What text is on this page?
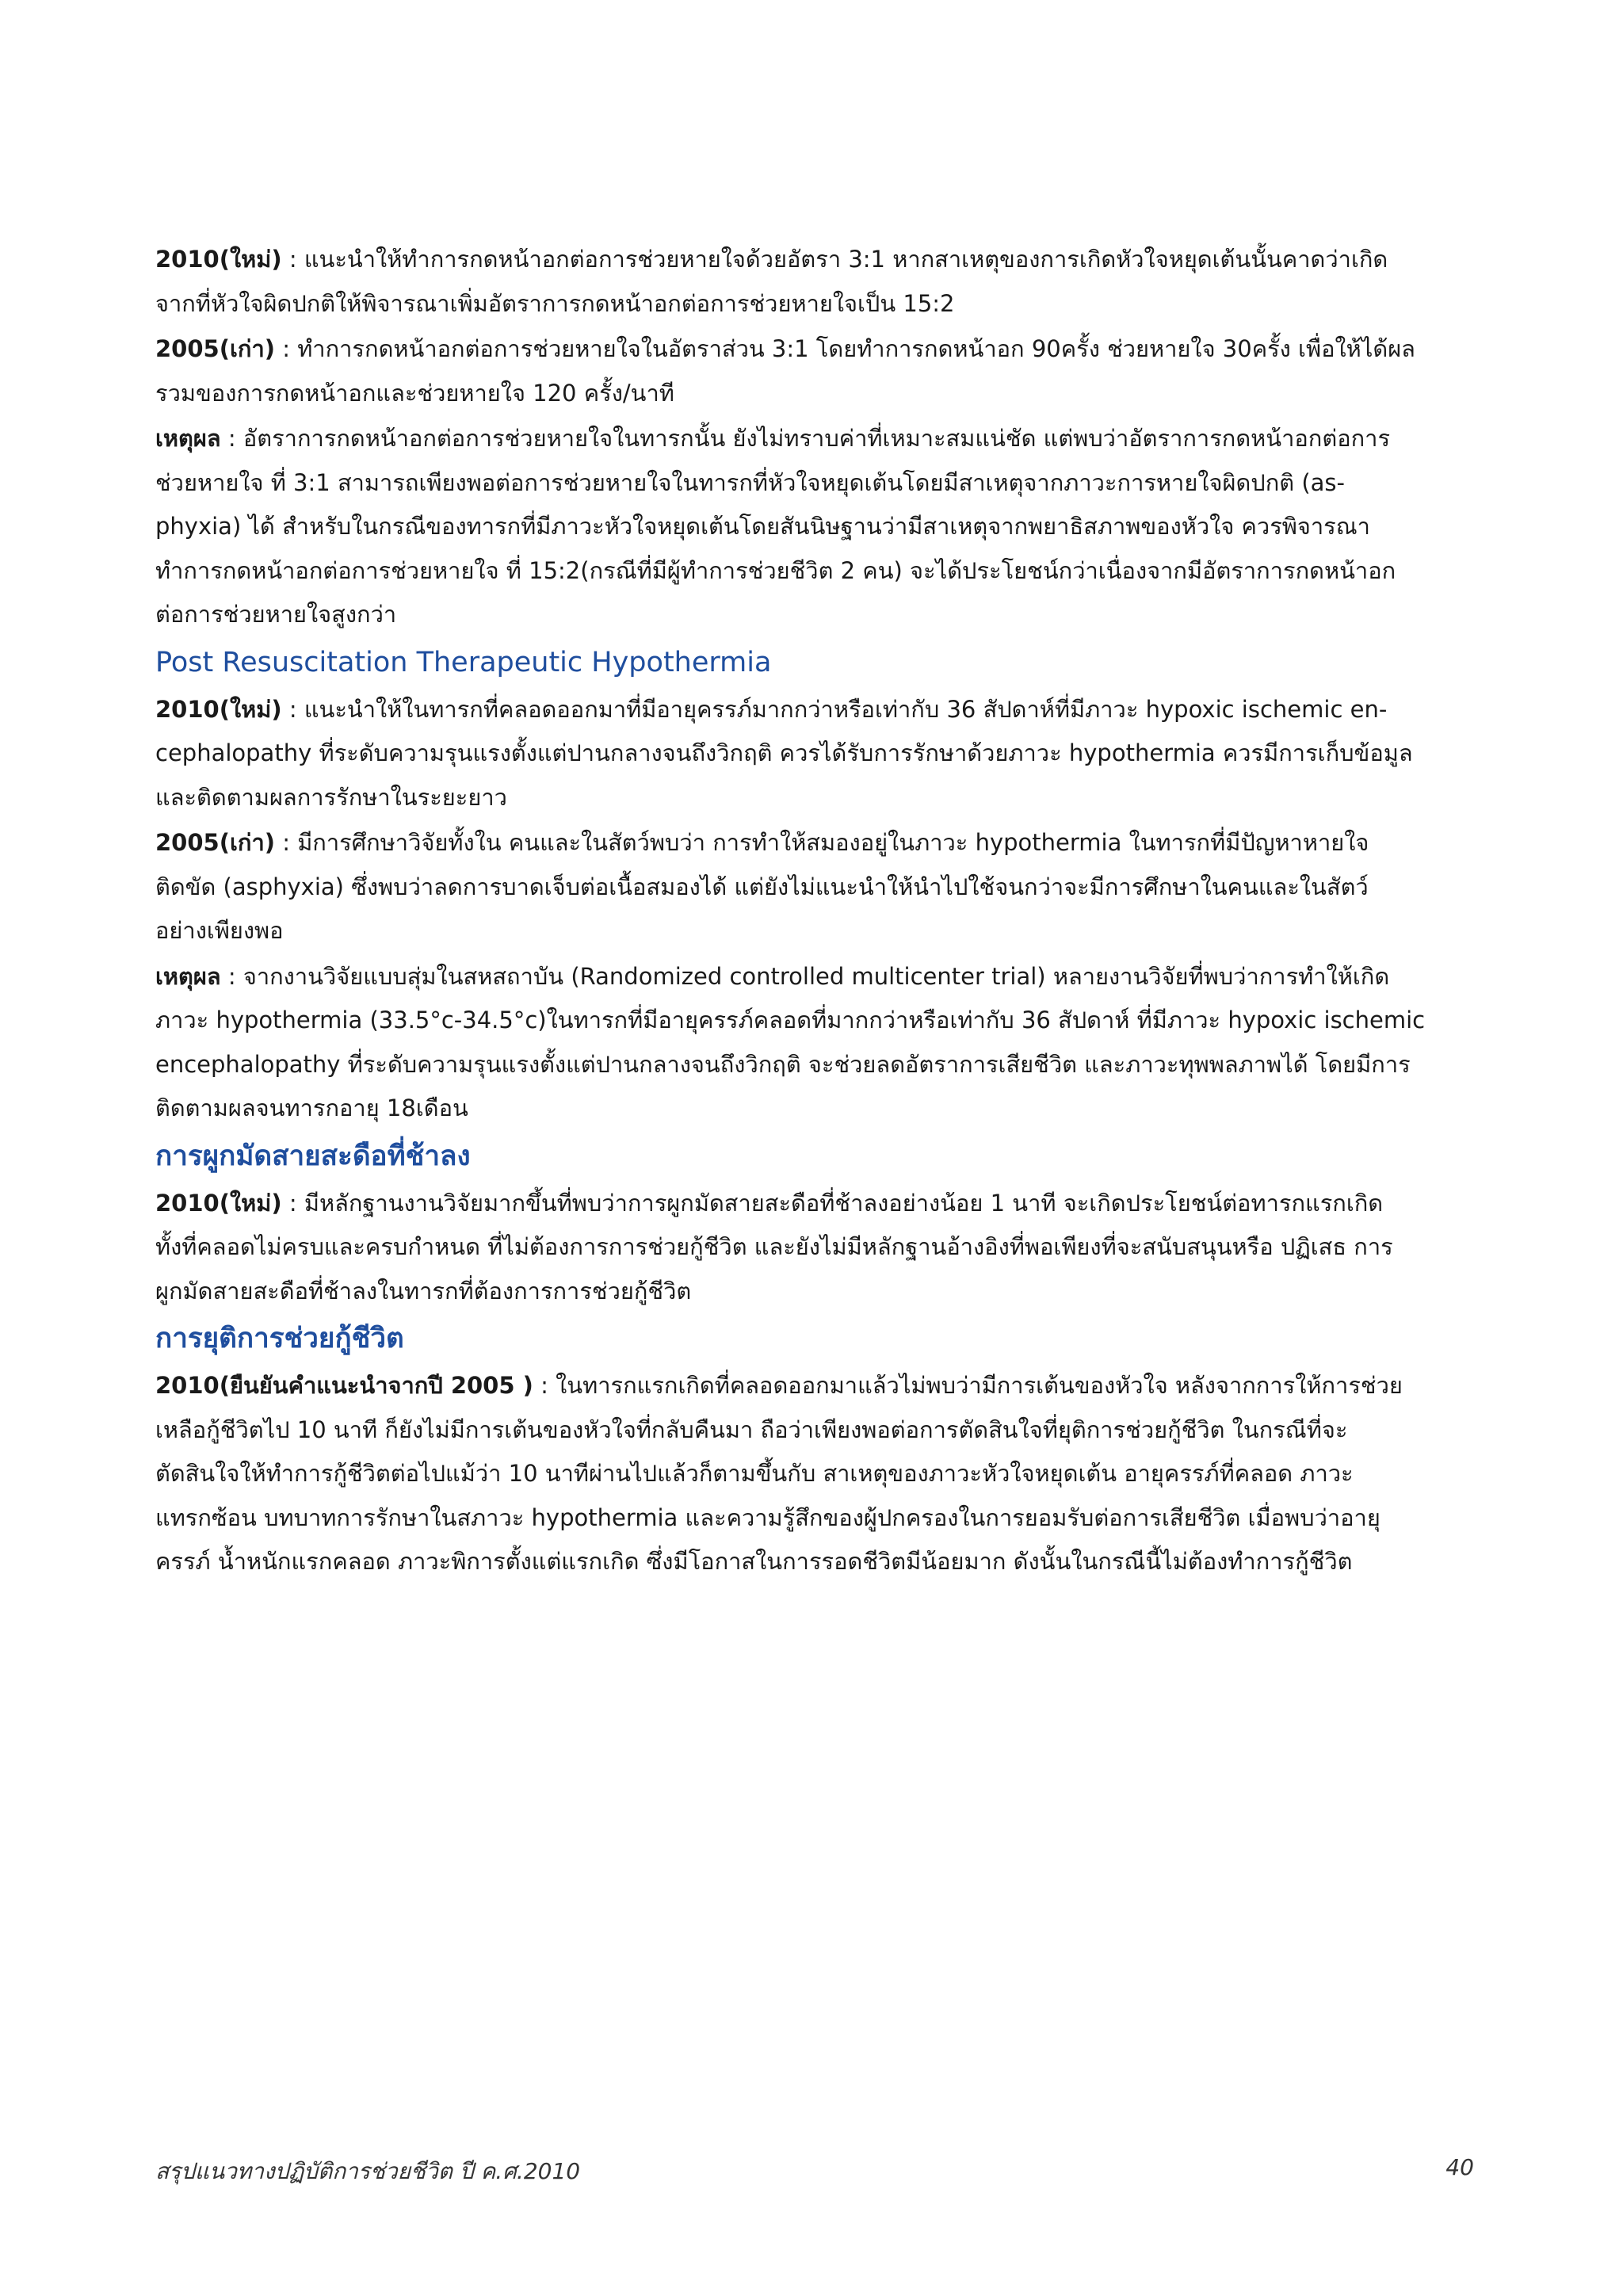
2010(ใหม่) : แนะนำให้ทำการกดหน้าอกต่อการช่วยหายใจด้วยอัตรา 3:1 หากสาเหตุของการเกิดหัวใจหยุดเต้นนั้นคาดว่าเกิด
จากที่หัวใจผิดปกติให้พิจารณาเพิ่มอัตราการกดหน้าอกต่อการช่วยหายใจเป็น 15:2

2005(เก่า) : ทำการกดหน้าอกต่อการช่วยหายใจในอัตราส่วน 3:1 โดยทำการกดหน้าอก 90ครั้ง ช่วยหายใจ 30ครั้ง เพื่อให้ได้ผล
รวมของการกดหน้าอกและช่วยหายใจ 120 ครั้ง/นาที

เหตุผล : อัตราการกดหน้าอกต่อการช่วยหายใจในทารกนั้น ยังไม่ทราบค่าที่เหมาะสมแน่ชัด แต่พบว่าอัตราการกดหน้าอกต่อการ
ช่วยหายใจ ที่ 3:1 สามารถเพียงพอต่อการช่วยหายใจในทารกที่หัวใจหยุดเต้นโดยมีสาเหตุจากภาวะการหายใจผิดปกติ (as-
phyxia) ได้ สำหรับในกรณีของทารกที่มีภาวะหัวใจหยุดเต้นโดยสันนิษฐานว่ามีสาเหตุจากพยาธิสภาพของหัวใจ ควรพิจารณา
ทำการกดหน้าอกต่อการช่วยหายใจ ที่ 15:2(กรณีที่มีผู้ทำการช่วยชีวิต 2 คน) จะได้ประโยชน์กว่าเนื่องจากมีอัตราการกดหน้าอก
ต่อการช่วยหายใจสูงกว่า

Post Resuscitation Therapeutic Hypothermia

2010(ใหม่) : แนะนำให้ในทารกที่คลอดออกมาที่มีอายุครรภ์มากกว่าหรือเท่ากับ 36 สัปดาห์ที่มีภาวะ hypoxic ischemic en-
cephalopathy ที่ระดับความรุนแรงตั้งแต่ปานกลางจนถึงวิกฤติ ควรได้รับการรักษาด้วยภาวะ hypothermia ควรมีการเก็บข้อมูล
และติดตามผลการรักษาในระยะยาว

2005(เก่า) : มีการศึกษาวิจัยทั้งใน คนและในสัตว์พบว่า การทำให้สมองอยู่ในภาวะ hypothermia ในทารกที่มีปัญหาหายใจ
ติดขัด (asphyxia) ซึ่งพบว่าลดการบาดเจ็บต่อเนื้อสมองได้ แต่ยังไม่แนะนำให้นำไปใช้จนกว่าจะมีการศึกษาในคนและในสัตว์
อย่างเพียงพอ

เหตุผล : จากงานวิจัยแบบสุ่มในสหสถาบัน (Randomized controlled multicenter trial) หลายงานวิจัยที่พบว่าการทำให้เกิด
ภาวะ hypothermia (33.5°c-34.5°c)ในทารกที่มีอายุครรภ์คลอดที่มากกว่าหรือเท่ากับ 36 สัปดาห์ ที่มีภาวะ hypoxic ischemic
encephalopathy ที่ระดับความรุนแรงตั้งแต่ปานกลางจนถึงวิกฤติ จะช่วยลดอัตราการเสียชีวิต และภาวะทุพพลภาพได้ โดยมีการ
ติดตามผลจนทารกอายุ 18เดือน

การผูกมัดสายสะดือที่ช้าลง

2010(ใหม่) : มีหลักฐานงานวิจัยมากขึ้นที่พบว่าการผูกมัดสายสะดือที่ช้าลงอย่างน้อย 1 นาที จะเกิดประโยชน์ต่อทารกแรกเกิด
ทั้งที่คลอดไม่ครบและครบกำหนด ที่ไม่ต้องการการช่วยกู้ชีวิต และยังไม่มีหลักฐานอ้างอิงที่พอเพียงที่จะสนับสนุนหรือ ปฏิเสธ การ
ผูกมัดสายสะดือที่ช้าลงในทารกที่ต้องการการช่วยกู้ชีวิต

การยุติการช่วยกู้ชีวิต

2010(ยืนยันคำแนะนำจากปี 2005 ) : ในทารกแรกเกิดที่คลอดออกมาแล้วไม่พบว่ามีการเต้นของหัวใจ หลังจากการให้การช่วย
เหลือกู้ชีวิตไป 10 นาที ก็ยังไม่มีการเต้นของหัวใจที่กลับคืนมา ถือว่าเพียงพอต่อการตัดสินใจที่ยุติการช่วยกู้ชีวิต ในกรณีที่จะ
ตัดสินใจให้ทำการกู้ชีวิตต่อไปแม้ว่า 10 นาทีผ่านไปแล้วก็ตามขึ้นกับ สาเหตุของภาวะหัวใจหยุดเต้น อายุครรภ์ที่คลอด ภาวะ
แทรกซ้อน บทบาทการรักษาในสภาวะ hypothermia และความรู้สึกของผู้ปกครองในการยอมรับต่อการเสียชีวิต เมื่อพบว่าอายุ
ครรภ์ น้ำหนักแรกคลอด ภาวะพิการตั้งแต่แรกเกิด ซึ่งมีโอกาสในการรอดชีวิตมีน้อยมาก ดังนั้นในกรณีนี้ไม่ต้องทำการกู้ชีวิต

สรุปแนวทางปฏิบัติการช่วยชีวิต ปี ค.ศ.2010	40
